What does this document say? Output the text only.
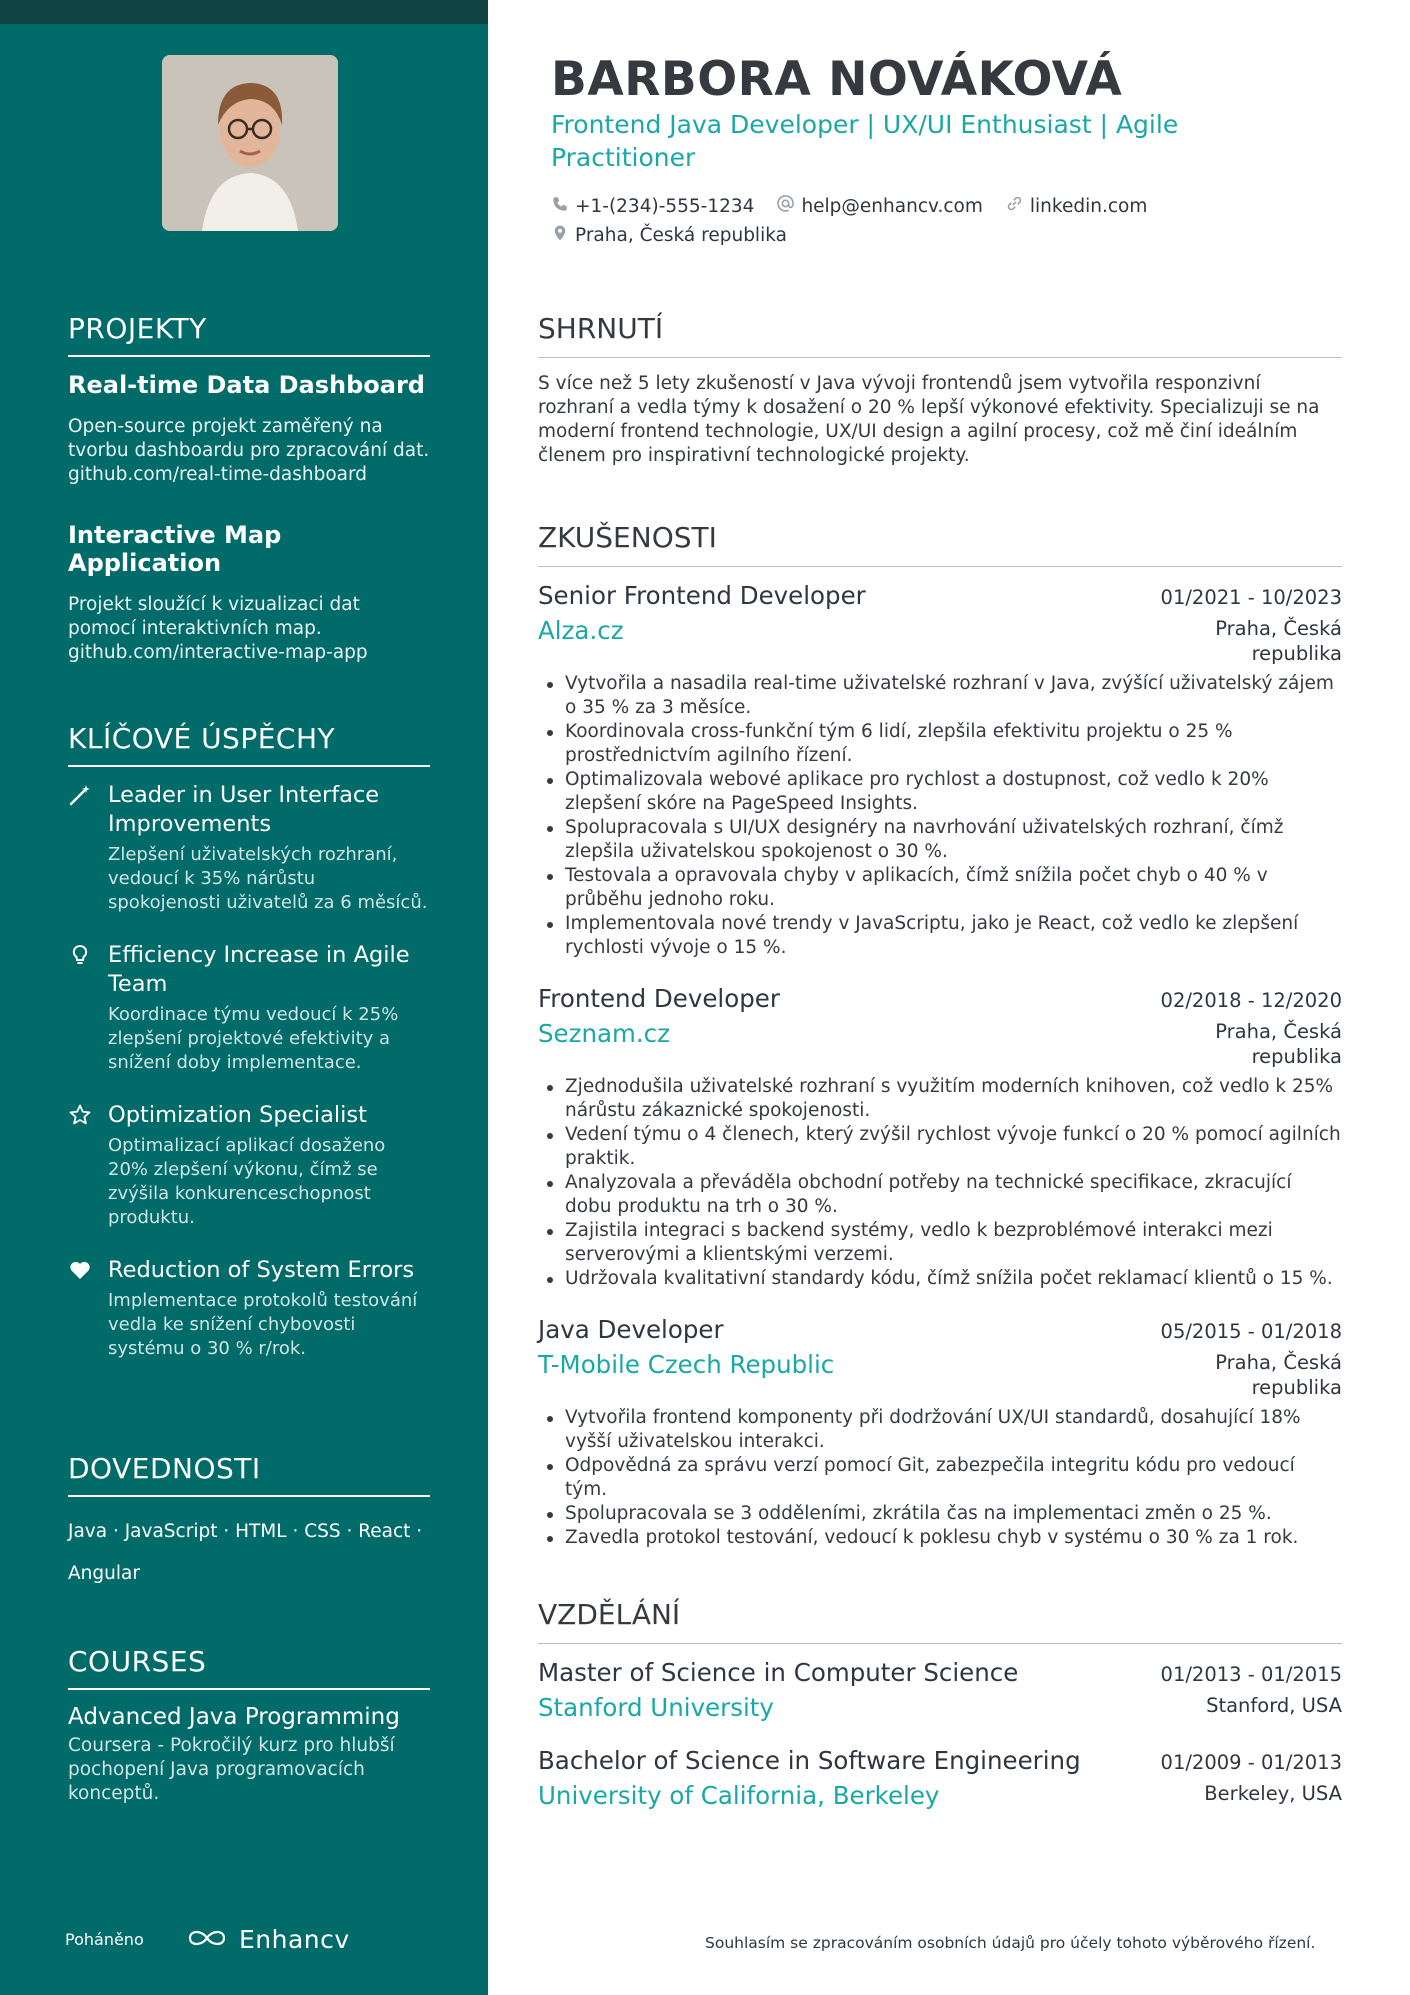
PROJEKTY
Real-time Data Dashboard
Open-source projekt zaměřený na tvorbu dashboardu pro zpracování dat.
github.com/real-time-dashboard
Interactive Map Application
Projekt sloužící k vizualizaci dat pomocí interaktivních map.
github.com/interactive-map-app
KLÍČOVÉ ÚSPĚCHY
Leader in User Interface Improvements
Zlepšení uživatelských rozhraní, vedoucí k 35% nárůstu spokojenosti uživatelů za 6 měsíců.
Efficiency Increase in Agile Team
Koordinace týmu vedoucí k 25% zlepšení projektové efektivity a snížení doby implementace.
Optimization Specialist
Optimalizací aplikací dosaženo 20% zlepšení výkonu, čímž se zvýšila konkurenceschopnost produktu.
Reduction of System Errors
Implementace protokolů testování vedla ke snížení chybovosti systému o 30 % r/rok.
DOVEDNOSTI
Java · JavaScript · HTML · CSS · React ·
Angular
COURSES
Advanced Java Programming
Coursera - Pokročilý kurz pro hlubší pochopení Java programovacích konceptů.
Poháněno	Enhancv
BARBORA NOVÁKOVÁ
Frontend Java Developer | UX/UI Enthusiast | Agile Practitioner
+1-(234)-555-1234	help@enhancv.com	linkedin.com
Praha, Česká republika
SHRNUTÍ
S více než 5 lety zkušeností v Java vývoji frontendů jsem vytvořila responzivní rozhraní a vedla týmy k dosažení o 20 % lepší výkonové efektivity. Specializuji se na moderní frontend technologie, UX/UI design a agilní procesy, což mě činí ideálním členem pro inspirativní technologické projekty.
ZKUŠENOSTI
Senior Frontend Developer	01/2021 - 10/2023
Alza.cz	Praha, Česká republika
Vytvořila a nasadila real-time uživatelské rozhraní v Java, zvýšící uživatelský zájem o 35 % za 3 měsíce.
Koordinovala cross-funkční tým 6 lidí, zlepšila efektivitu projektu o 25 % prostřednictvím agilního řízení.
Optimalizovala webové aplikace pro rychlost a dostupnost, což vedlo k 20% zlepšení skóre na PageSpeed Insights.
Spolupracovala s UI/UX designéry na navrhování uživatelských rozhraní, čímž zlepšila uživatelskou spokojenost o 30 %.
Testovala a opravovala chyby v aplikacích, čímž snížila počet chyb o 40 % v průběhu jednoho roku.
Implementovala nové trendy v JavaScriptu, jako je React, což vedlo ke zlepšení rychlosti vývoje o 15 %.
Frontend Developer	02/2018 - 12/2020
Seznam.cz	Praha, Česká republika
Zjednodušila uživatelské rozhraní s využitím moderních knihoven, což vedlo k 25% nárůstu zákaznické spokojenosti.
Vedení týmu o 4 členech, který zvýšil rychlost vývoje funkcí o 20 % pomocí agilních praktik.
Analyzovala a převáděla obchodní potřeby na technické specifikace, zkracující dobu produktu na trh o 30 %.
Zajistila integraci s backend systémy, vedlo k bezproblémové interakci mezi serverovými a klientskými verzemi.
Udržovala kvalitativní standardy kódu, čímž snížila počet reklamací klientů o 15 %.
Java Developer	05/2015 - 01/2018
T-Mobile Czech Republic	Praha, Česká republika
Vytvořila frontend komponenty při dodržování UX/UI standardů, dosahující 18% vyšší uživatelskou interakci.
Odpovědná za správu verzí pomocí Git, zabezpečila integritu kódu pro vedoucí tým.
Spolupracovala se 3 odděleními, zkrátila čas na implementaci změn o 25 %.
Zavedla protokol testování, vedoucí k poklesu chyb v systému o 30 % za 1 rok.
VZDĚLÁNÍ
Master of Science in Computer Science	01/2013 - 01/2015
Stanford University	Stanford, USA
Bachelor of Science in Software Engineering	01/2009 - 01/2013
University of California, Berkeley	Berkeley, USA
Souhlasím se zpracováním osobních údajů pro účely tohoto výběrového řízení.
